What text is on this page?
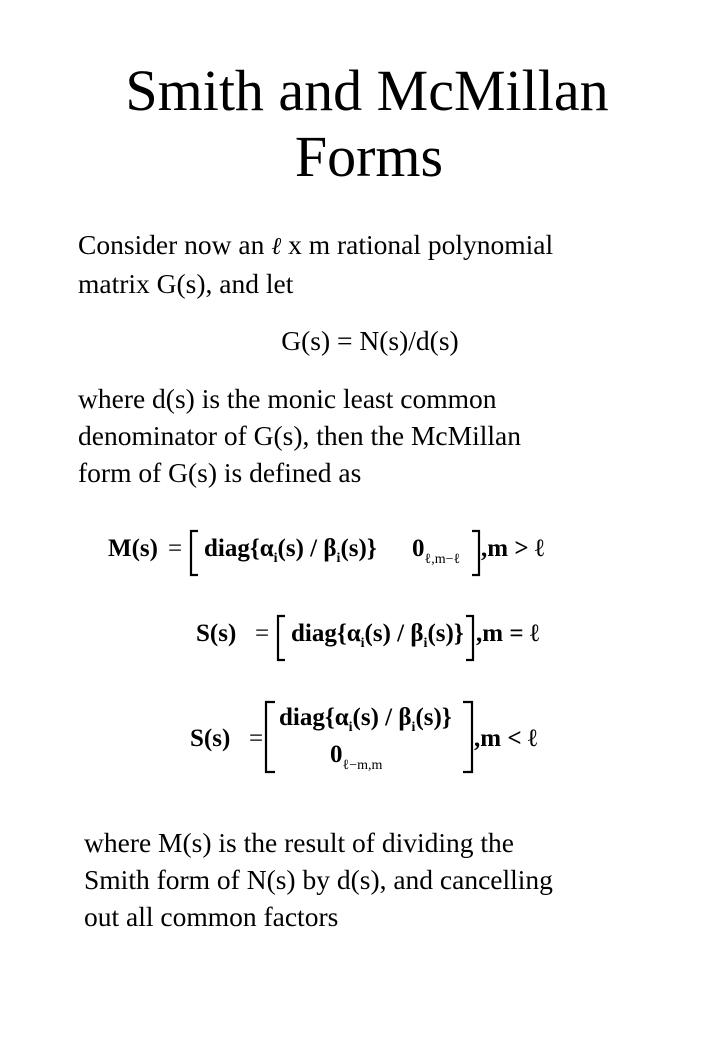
Smith and McMillan
Forms

Consider now an ℓ x m rational polynomial
matrix G(s), and let

G(s) = N(s)/d(s)

where d(s) is the monic least common
denominator of G(s), then the McMillan
form of G(s) is defined as

$M(s) = diag\{\alpha_i(s) / \beta_i(s)\}$ $0_{\ell,m-\ell}$ ,m > ℓ
$S(s) = diag\{\alpha_i(s) / \beta_i(s)\} ,m$ = ℓ
S(s) =
$diag\{\alpha_i(s) / \beta_i(s)\}$
$0_{\ell-m,m}$
,m < ℓ

where M(s) is the result of dividing the
Smith form of N(s) by d(s), and cancelling
out all common factors
